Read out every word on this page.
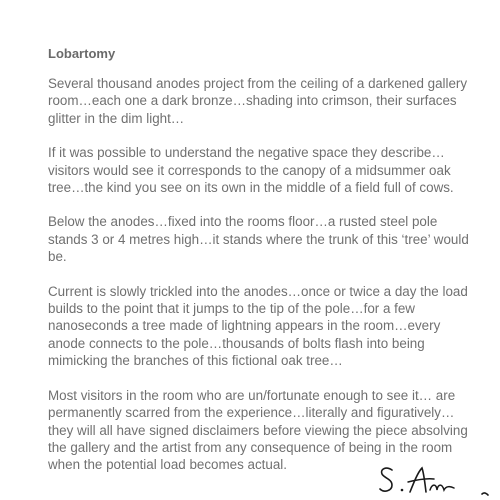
Lobartomy

Several thousand anodes project from the ceiling of a darkened gallery room…each one a dark bronze…shading into crimson, their surfaces glitter in the dim light…

If it was possible to understand the negative space they describe… visitors would see it corresponds to the canopy of a midsummer oak tree…the kind you see on its own in the middle of a field full of cows.

Below the anodes…fixed into the rooms floor…a rusted steel pole stands 3 or 4 metres high…it stands where the trunk of this ‘tree’ would be.

Current is slowly trickled into the anodes…once or twice a day the load builds to the point that it jumps to the tip of the pole…for a few nanoseconds a tree made of lightning appears in the room…every anode connects to the pole…thousands of bolts flash into being mimicking the branches of this fictional oak tree…

Most visitors in the room who are un/fortunate enough to see it… are permanently scarred from the experience…literally and figuratively…they will all have signed disclaimers before viewing the piece absolving the gallery and the artist from any consequence of being in the room when the potential load becomes actual.
